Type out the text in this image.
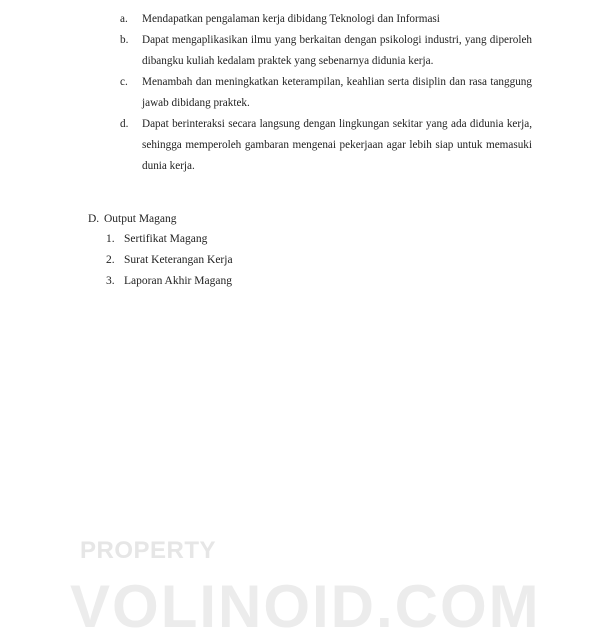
a.	Mendapatkan pengalaman kerja dibidang Teknologi dan Informasi
b.	Dapat mengaplikasikan ilmu yang berkaitan dengan psikologi industri, yang diperoleh
dibangku kuliah kedalam praktek yang sebenarnya didunia kerja.
c.	Menambah dan meningkatkan keterampilan, keahlian serta disiplin dan rasa tanggung
jawab dibidang praktek.
d.	Dapat berinteraksi secara langsung dengan lingkungan sekitar yang ada didunia kerja,
sehingga memperoleh gambaran mengenai pekerjaan agar lebih siap untuk memasuki
dunia kerja.
D. Output Magang
1. Sertifikat Magang
2. Surat Keterangan Kerja
3. Laporan Akhir Magang
PROPERTY
VOLINOID.COM
